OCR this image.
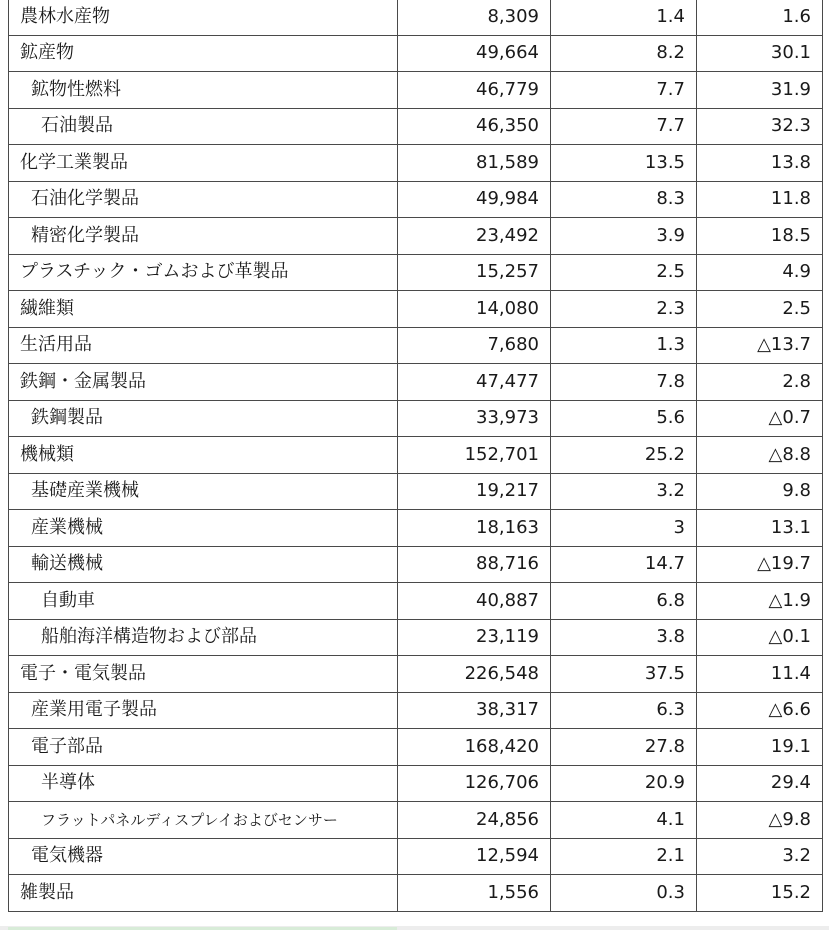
農林水産物	8,309	1.4	1.6
鉱産物	49,664	8.2	30.1
鉱物性燃料	46,779	7.7	31.9
石油製品	46,350	7.7	32.3
化学工業製品	81,589	13.5	13.8
石油化学製品	49,984	8.3	11.8
精密化学製品	23,492	3.9	18.5
プラスチック・ゴムおよび革製品	15,257	2.5	4.9
繊維類	14,080	2.3	2.5
生活用品	7,680	1.3	△13.7
鉄鋼・金属製品	47,477	7.8	2.8
鉄鋼製品	33,973	5.6	△0.7
機械類	152,701	25.2	△8.8
基礎産業機械	19,217	3.2	9.8
産業機械	18,163	3	13.1
輸送機械	88,716	14.7	△19.7
自動車	40,887	6.8	△1.9
船舶海洋構造物および部品	23,119	3.8	△0.1
電子・電気製品	226,548	37.5	11.4
産業用電子製品	38,317	6.3	△6.6
電子部品	168,420	27.8	19.1
半導体	126,706	20.9	29.4
フラットパネルディスプレイおよびセンサー	24,856	4.1	△9.8
電気機器	12,594	2.1	3.2
雑製品	1,556	0.3	15.2
